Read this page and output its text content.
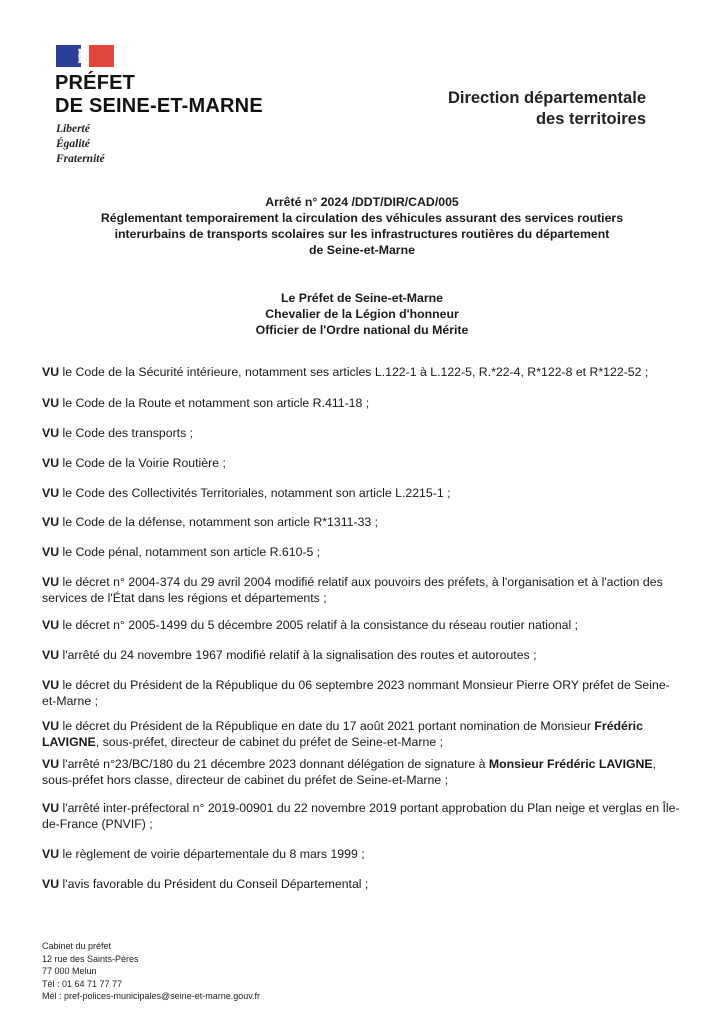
PRÉFET
DE SEINE-ET-MARNE
Liberté
Égalité
Fraternité
Direction départementale
des territoires
Arrêté n° 2024 /DDT/DIR/CAD/005
Réglementant temporairement la circulation des véhicules assurant des services routiers
interurbains de transports scolaires sur les infrastructures routières du département
de Seine-et-Marne
Le Préfet de Seine-et-Marne
Chevalier de la Légion d'honneur
Officier de l'Ordre national du Mérite
VU le Code de la Sécurité intérieure, notamment ses articles L.122-1 à L.122-5, R.*22-4, R*122-8 et R*122-52 ;
VU le Code de la Route et notamment son article R.411-18 ;
VU le Code des transports ;
VU le Code de la Voirie Routière ;
VU le Code des Collectivités Territoriales, notamment son article L.2215-1 ;
VU le Code de la défense, notamment son article R*1311-33 ;
VU le Code pénal, notamment son article R.610-5 ;
VU le décret n° 2004-374 du 29 avril 2004 modifié relatif aux pouvoirs des préfets, à l'organisation et à l'action des services de l'État dans les régions et départements ;
VU le décret n° 2005-1499 du 5 décembre 2005 relatif à la consistance du réseau routier national ;
VU l'arrêté du 24 novembre 1967 modifié relatif à la signalisation des routes et autoroutes ;
VU le décret du Président de la République du 06 septembre 2023 nommant Monsieur Pierre ORY préfet de Seine-et-Marne ;
VU le décret du Président de la République en date du 17 août 2021 portant nomination de Monsieur Frédéric LAVIGNE, sous-préfet, directeur de cabinet du préfet de Seine-et-Marne ;
VU l'arrêté n°23/BC/180 du 21 décembre 2023 donnant délégation de signature à Monsieur Frédéric LAVIGNE, sous-préfet hors classe, directeur de cabinet du préfet de Seine-et-Marne ;
VU l'arrêté inter-préfectoral n° 2019-00901 du 22 novembre 2019 portant approbation du Plan neige et verglas en Île-de-France (PNVIF) ;
VU le règlement de voirie départementale du 8 mars 1999 ;
VU l'avis favorable du Président du Conseil Départemental ;
Cabinet du préfet
12 rue des Saints-Pères
77 000 Melun
Tél : 01 64 71 77 77
Mél : pref-polices-municipales@seine-et-marne.gouv.fr
